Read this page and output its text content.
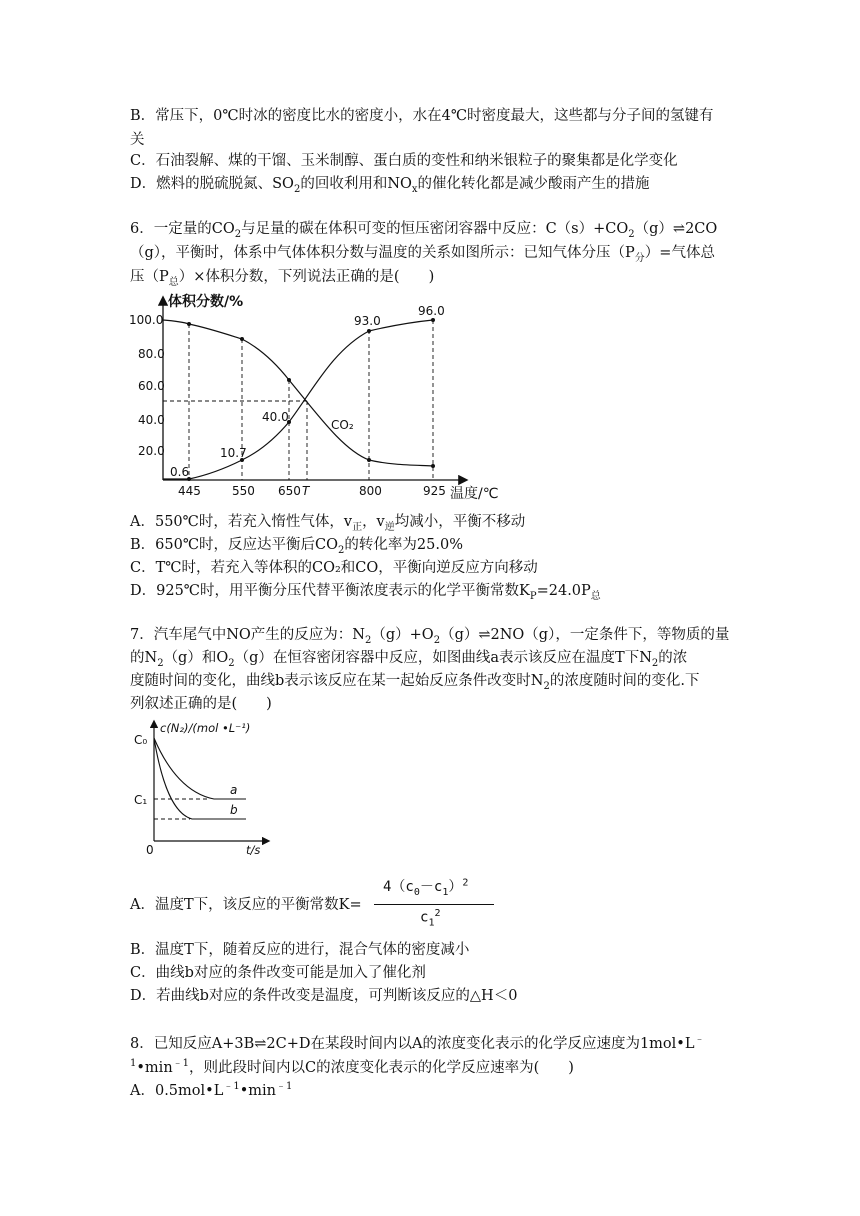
B．常压下，0℃时冰的密度比水的密度小，水在4℃时密度最大，这些都与分子间的氢键有
关
C．石油裂解、煤的干馏、玉米制醇、蛋白质的变性和纳米银粒子的聚集都是化学变化
D．燃料的脱硫脱氮、$SO_2$的回收利用和$NO_x$的催化转化都是减少酸雨产生的措施
6．一定量的$CO_2$与足量的碳在体积可变的恒压密闭容器中反应：$C(s)+CO_2(g)\rightleftharpoons 2CO$
（g），平衡时，体系中气体体积分数与温度的关系如图所示：已知气体分压$(P_分)=$气体总
压$(P_总)\times$体积分数，下列说法正确的是(　　)
体积分数/%
温度/℃
100.0
80.0
60.0
40.0
20.0
445	550 650 T	800	925
0.6
10.7
40.0
93.0
96.0
CO₂
A．550℃时，若充入惰性气体，$v_正$，$v_逆$均减小，平衡不移动
B．650℃时，反应达平衡后$CO_2$的转化率为25.0%
C．T℃时，若充入等体积的CO₂和CO，平衡向逆反应方向移动
D．925℃时，用平衡分压代替平衡浓度表示的化学平衡常数$K_P=24.0P_总$
7．汽车尾气中NO产生的反应为：$N_2(g)+O_2(g)\rightleftharpoons 2NO(g)$，一定条件下，等物质的量
的$N_2(g)$和$O_2(g)$在恒容密闭容器中反应，如图曲线a表示该反应在温度T下$N_2$的浓
度随时间的变化，曲线b表示该反应在某一起始反应条件改变时$N_2$的浓度随时间的变化.下
列叙述正确的是(　　)
c(N₂)/(mol •L⁻¹)
t/s
C₀
C₁
0
a
b
A．温度T下，该反应的平衡常数K=
$4(c_0-c_1)^2$
$c_1^2$
B．温度T下，随着反应的进行，混合气体的密度减小
C．曲线b对应的条件改变可能是加入了催化剂
D．若曲线b对应的条件改变是温度，可判断该反应的△H＜0
8．已知反应A+3B⇌2C+D在某段时间内以A的浓度变化表示的化学反应速度为1mol•L﹣
$^1•\min^{﹣1}$，则此段时间内以C的浓度变化表示的化学反应速率为(　　)
A．$0.5mol•L^{﹣1}•\min^{﹣1}$
